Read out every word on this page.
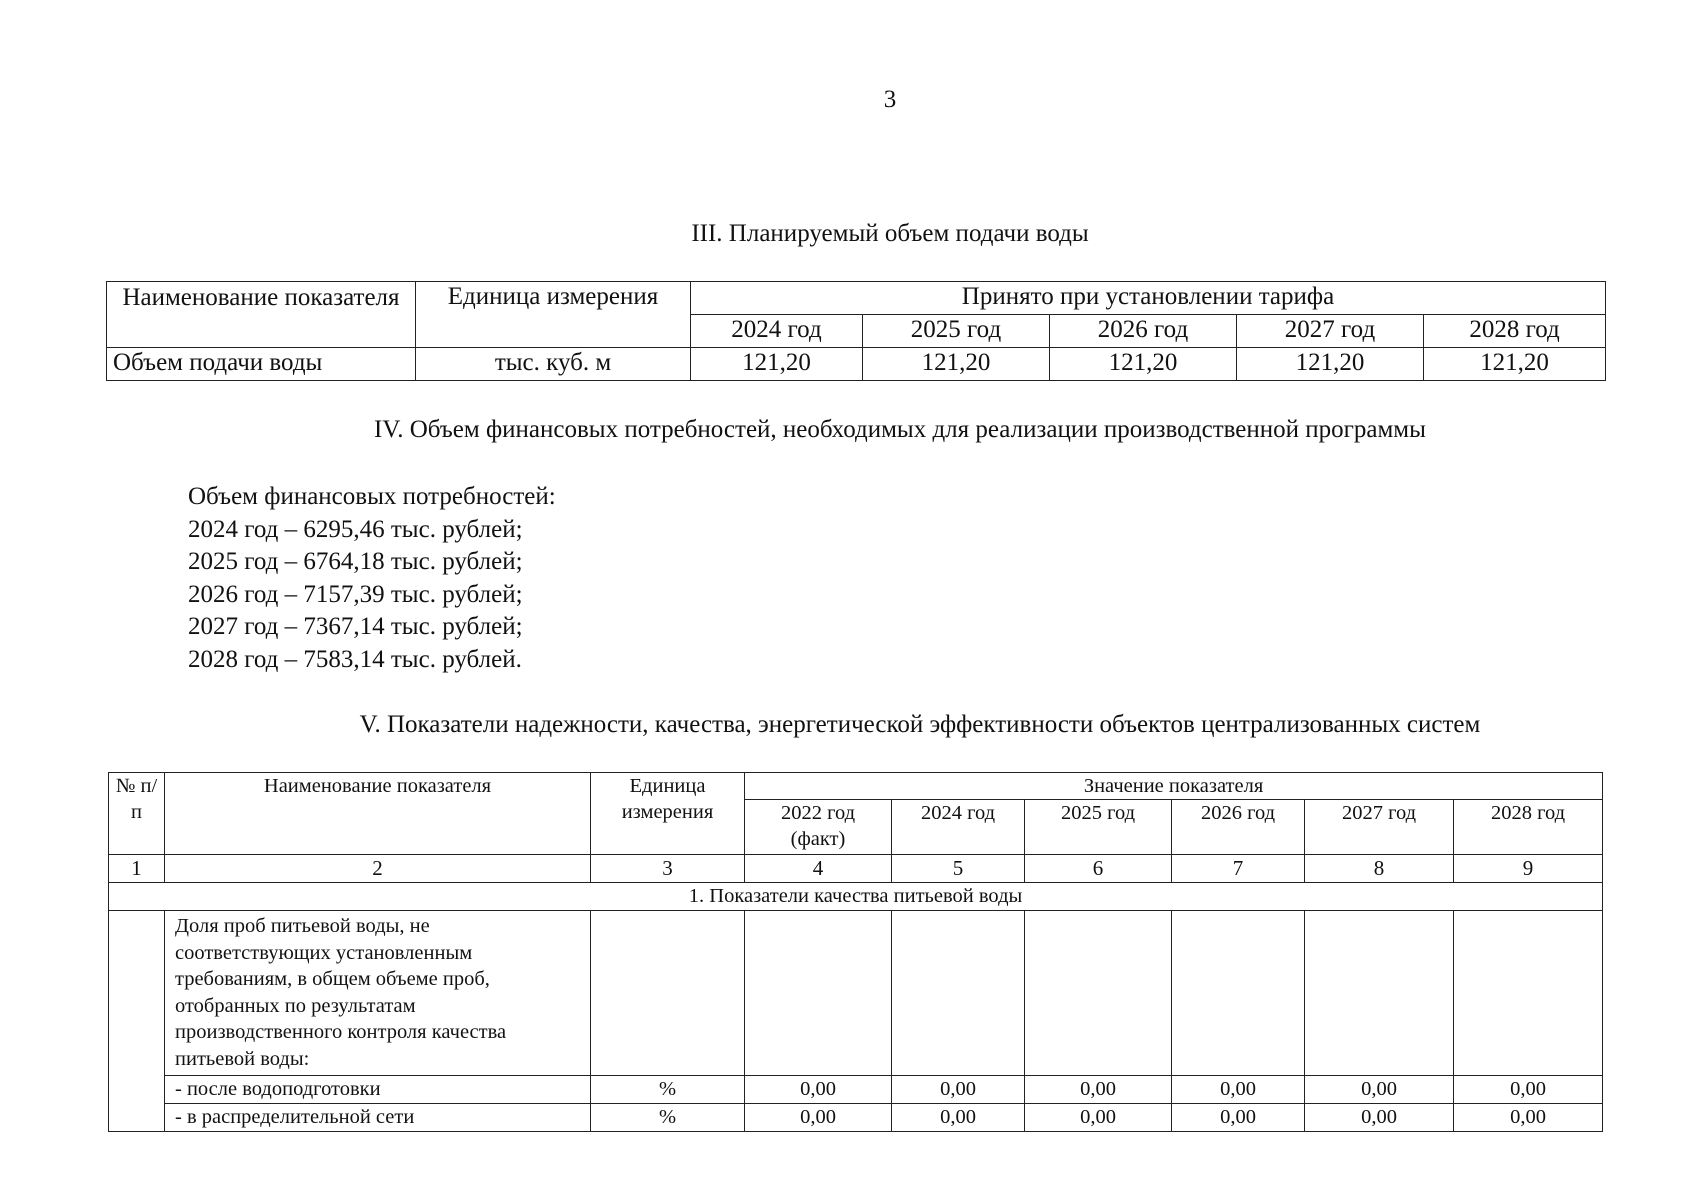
3
III. Планируемый объем подачи воды
Наименование показателя	Единица измерения	Принято при установлении тарифа				
		2024 год	2025 год	2026 год	2027 год	2028 год
Объем подачи воды	тыс. куб. м	121,20	121,20	121,20	121,20	121,20
IV. Объем финансовых потребностей, необходимых для реализации производственной программы
Объем финансовых потребностей:
2024 год – 6295,46 тыс. рублей;
2025 год – 6764,18 тыс. рублей;
2026 год – 7157,39 тыс. рублей;
2027 год – 7367,14 тыс. рублей;
2028 год – 7583,14 тыс. рублей.
V. Показатели надежности, качества, энергетической эффективности объектов централизованных систем
№ п/п	Наименование показателя	Единица измерения	Значение показателя					
			2022 год (факт)	2024 год	2025 год	2026 год	2027 год	2028 год
1	2	3	4	5	6	7	8	9
1. Показатели качества питьевой воды								
	Доля проб питьевой воды, не соответствующих установленным требованиям, в общем объеме проб, отобранных по результатам производственного контроля качества питьевой воды:							
	- после водоподготовки	%	0,00	0,00	0,00	0,00	0,00	0,00
	- в распределительной сети	%	0,00	0,00	0,00	0,00	0,00	0,00
